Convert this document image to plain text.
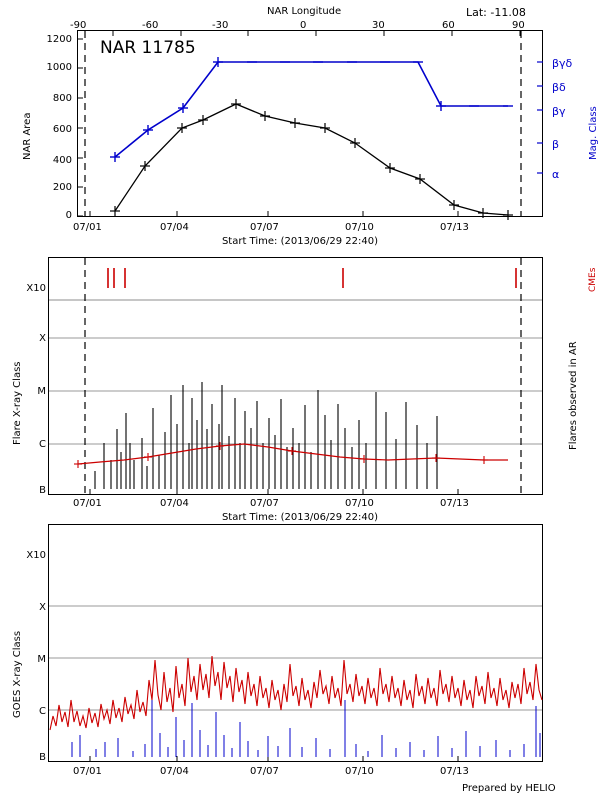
NAR 11785
Lat: -11.08
NAR Longitude
-90	-60	-30	0	30	60	90
1200
1000
800
600
400
200
0
NAR Area
βγδ
βδ
βγ
β
α
Mag. Class
07/01	07/04	07/07	07/10	07/13
Start Time: (2013/06/29 22:40)
X10
X
M
C
B
Flare X-ray Class
CMEs
Flares observed in AR
07/01	07/04	07/07	07/10	07/13
Start Time: (2013/06/29 22:40)
X10
X
M
C
B
GOES X-ray Class
07/01	07/04	07/07	07/10	07/13
Prepared by HELIO
